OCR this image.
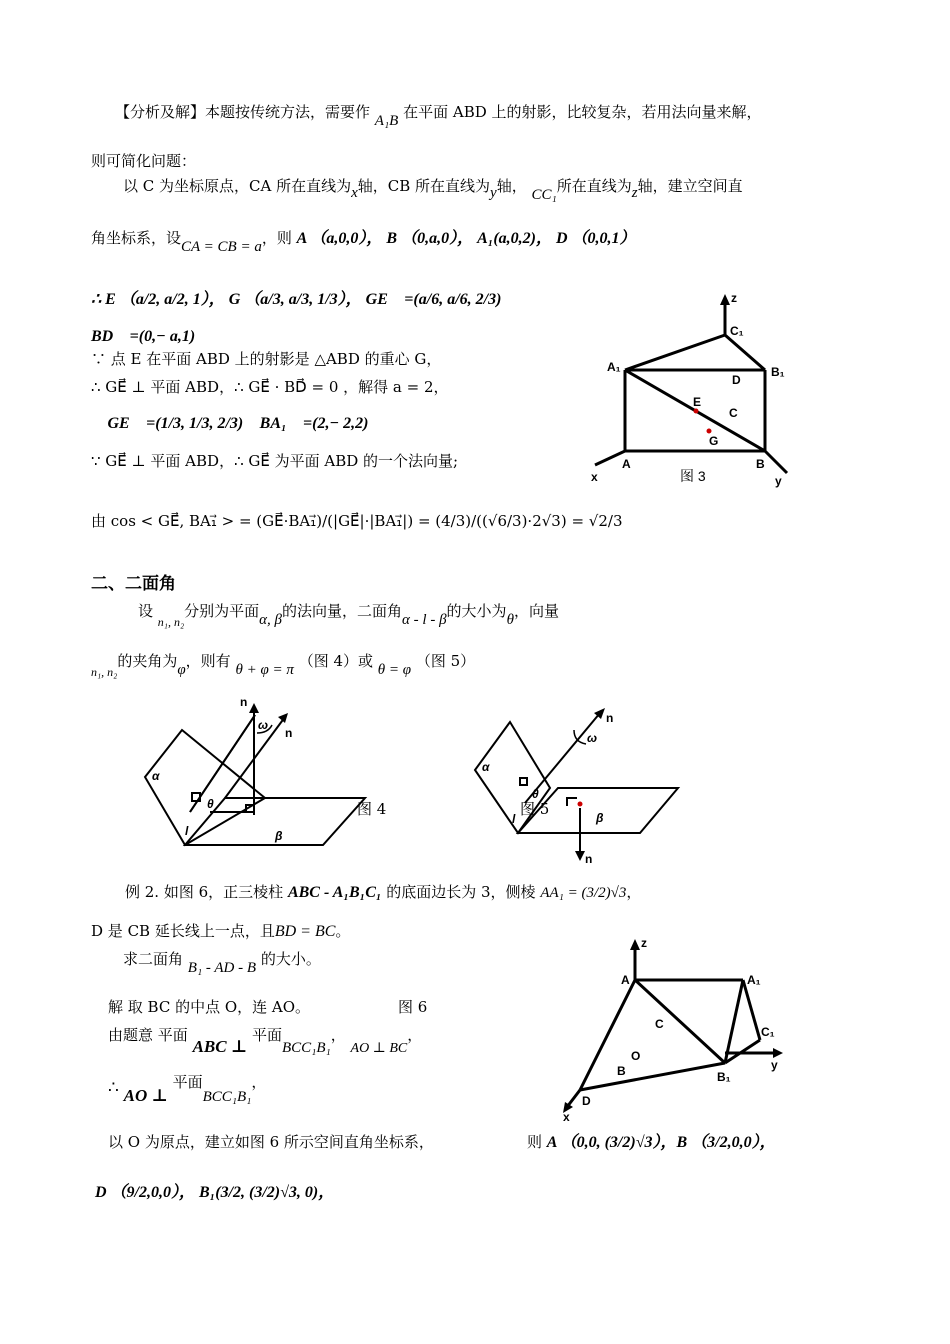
【分析及解】本题按传统方法，需要作 A₁B 在平面 ABD 上的射影，比较复杂，若用法向量来解，
则可简化问题：
以 C 为坐标原点，CA 所在直线为x轴，CB 所在直线为y轴， CC₁所在直线为z轴，建立空间直
角坐标系，设CA = CB = a，则 A （a,0,0）， B （0,a,0）， A₁(a,0,2)， D （0,0,1）
∴ E （a/2, a/2, 1）， G （a/3, a/3, 1/3）， GE⃗ =(a/6, a/6, 2/3)，
BD⃗ =(0,− a,1)，
∵ 点 E 在平面 ABD 上的射影是 △ABD 的重心 G，
∴ GE⃗ ⊥ 平面 ABD，∴ GE⃗ · BD⃗ = 0 ，解得 a = 2，
∴ GE⃗ =(1/3, 1/3, 2/3)， BA₁⃗ =(2,− 2,2)，
∵ GE⃗ ⊥ 平面 ABD，∴ GE⃗ 为平面 ABD 的一个法向量;
由 cos < GE⃗, BA₁⃗ > = (GE⃗·BA₁⃗)/(|GE⃗|·|BA₁⃗|) = (4/3)/((√6/3)·2√3) = √2/3
z
C₁
A₁	B₁
D
E
C
G
A	B
x	y
图 3
二、二面角
设 $_{n_1, n_2}$分别为平面α, β的法向量，二面角α - l - β的大小为θ，向量
$_{n_1, n_2}$的夹角为φ，则有 θ + φ = π （图 4）或 θ = φ （图 5）
n
ω
n
α
θ
l	β
图 4
n
ω
α
θ
l	β
n
图 5
例 2. 如图 6，正三棱柱 ABC - A₁B₁C₁ 的底面边长为 3，侧棱 AA₁ = (3/2)√3，
D 是 CB 延长线上一点，且BD = BC。
求二面角 B₁ - AD - B 的大小。
解 取 BC 的中点 O，连 AO。	图 6
由题意 平面 ABC ⊥ 平面BCC₁B₁， AO ⊥ BC，
∴ AO ⊥ 平面BCC₁B₁，
以 O 为原点，建立如图 6 所示空间直角坐标系，	则 A （0,0, (3/2)√3），B （3/2,0,0），
D （9/2,0,0）， B₁(3/2, (3/2)√3, 0)，
z
A	A₁
C
C₁
y
O
B	B₁
D
x
